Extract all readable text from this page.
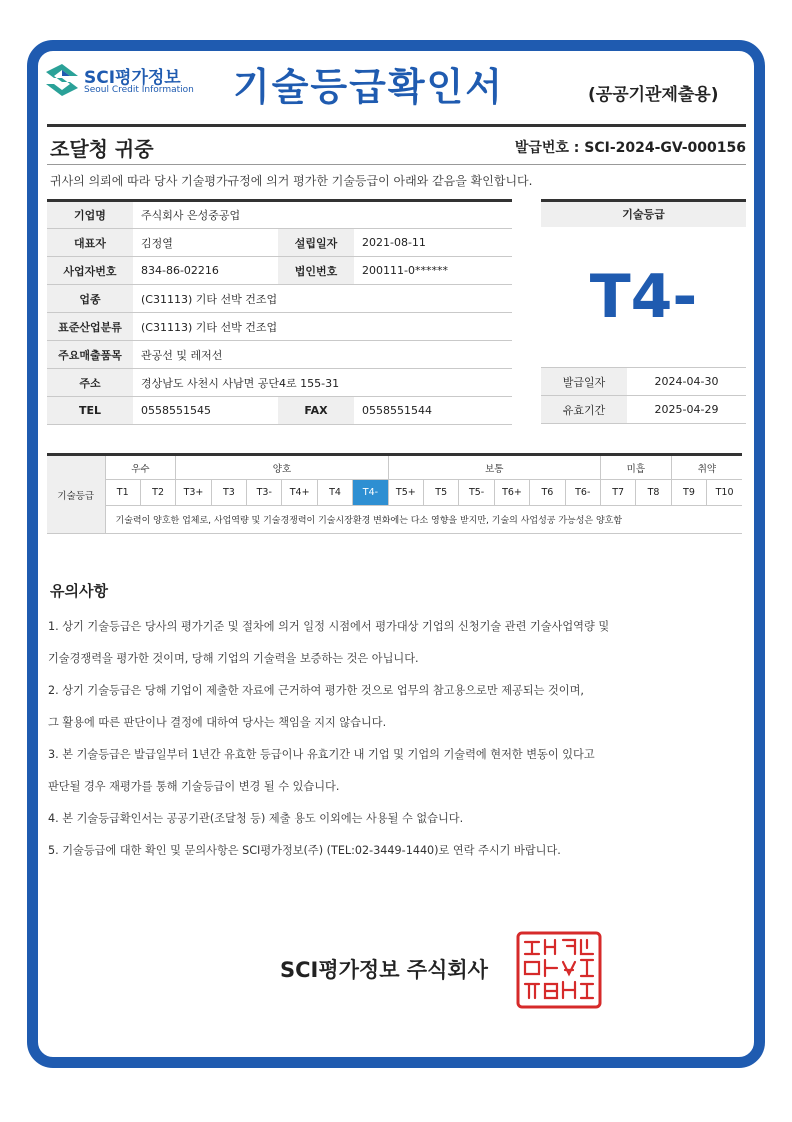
SCI평가정보
Seoul Credit Information 기술등급확인서	(공공기관제출용)
조달청 귀중	발급번호 : SCI-2024-GV-000156
귀사의 의뢰에 따라 당사 기술평가규정에 의거 평가한 기술등급이 아래와 같음을 확인합니다.
기업명	주식회사 은성중공업		
대표자	김정열	설립일자	2021-08-11
사업자번호	834-86-02216	법인번호	200111-0******
업종	(C31113) 기타 선박 건조업		
표준산업분류	(C31113) 기타 선박 건조업		
주요매출품목	관공선 및 레저선		
주소	경상남도 사천시 사남면 공단4로 155-31		
TEL	0558551545	FAX	0558551544
기술등급
T4-
발급일자	2024-04-30
유효기간	2025-04-29
기술등급	우수		양호						보통						미흡		취약	
	T1	T2	T3+	T3	T3-	T4+	T4	T4-	T5+	T5	T5-	T6+	T6	T6-	T7	T8	T9	T10
	기술력이 양호한 업체로, 사업역량 및 기술경쟁력이 기술시장환경 변화에는 다소 영향을 받지만, 기술의 사업성공 가능성은 양호함																	
유의사항
1. 상기 기술등급은 당사의 평가기준 및 절차에 의거 일정 시점에서 평가대상 기업의 신청기술 관련 기술사업역량 및
기술경쟁력을 평가한 것이며, 당해 기업의 기술력을 보증하는 것은 아닙니다.
2. 상기 기술등급은 당해 기업이 제출한 자료에 근거하여 평가한 것으로 업무의 참고용으로만 제공되는 것이며,
그 활용에 따른 판단이나 결정에 대하여 당사는 책임을 지지 않습니다.
3. 본 기술등급은 발급일부터 1년간 유효한 등급이나 유효기간 내 기업 및 기업의 기술력에 현저한 변동이 있다고
판단될 경우 재평가를 통해 기술등급이 변경 될 수 있습니다.
4. 본 기술등급확인서는 공공기관(조달청 등) 제출 용도 이외에는 사용될 수 없습니다.
5. 기술등급에 대한 확인 및 문의사항은 SCI평가정보(주) (TEL:02-3449-1440)로 연락 주시기 바랍니다.
SCI평가정보 주식회사
